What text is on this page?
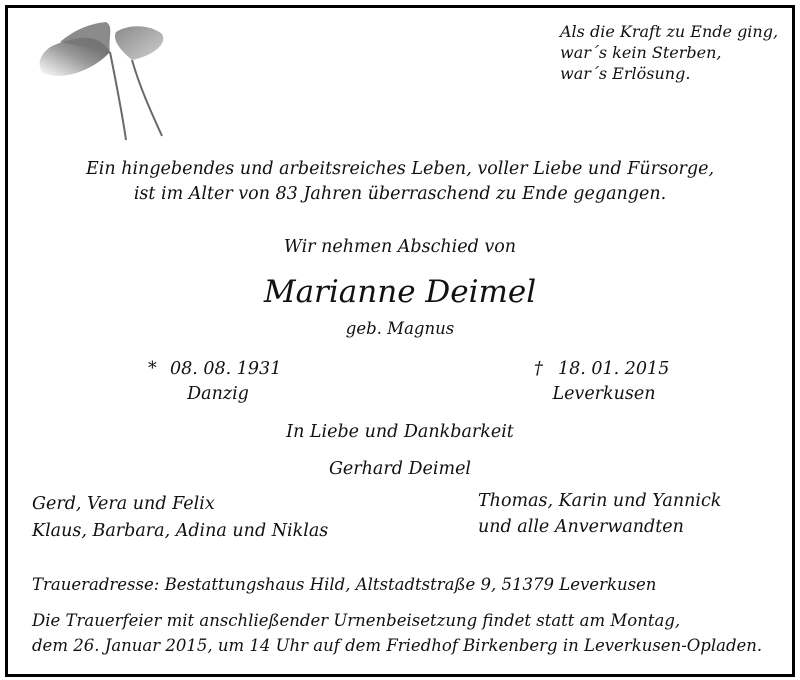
Als die Kraft zu Ende ging,
war´s kein Sterben,
war´s Erlösung.
Ein hingebendes und arbeitsreiches Leben, voller Liebe und Fürsorge,
ist im Alter von 83 Jahren überraschend zu Ende gegangen.
Wir nehmen Abschied von
Marianne Deimel
geb. Magnus
* 08. 08. 1931
Danzig
† 18. 01. 2015
Leverkusen
In Liebe und Dankbarkeit
Gerhard Deimel
Gerd, Vera und Felix
Klaus, Barbara, Adina und Niklas
Thomas, Karin und Yannick
und alle Anverwandten
Traueradresse: Bestattungshaus Hild, Altstadtstraße 9, 51379 Leverkusen
Die Trauerfeier mit anschließender Urnenbeisetzung findet statt am Montag,
dem 26. Januar 2015, um 14 Uhr auf dem Friedhof Birkenberg in Leverkusen-Opladen.
